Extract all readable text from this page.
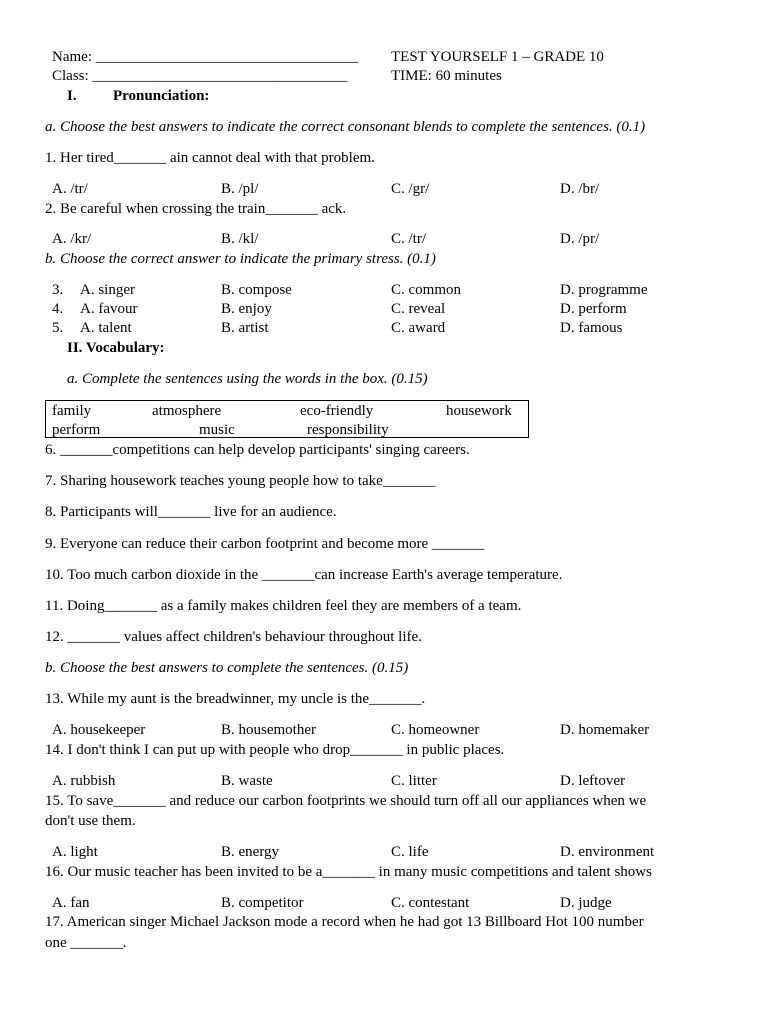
Name: ___________________________________
Class: __________________________________
TEST YOURSELF 1 – GRADE 10
TIME: 60 minutes
I. Pronunciation:
a. Choose the best answers to indicate the correct consonant blends to complete the sentences. (0.1)
1. Her tired_______ ain cannot deal with that problem.
A. /tr/	B. /pl/	C. /gr/	D. /br/
2. Be careful when crossing the train_______ ack.
A. /kr/	B. /kl/	C. /tr/	D. /pr/
b. Choose the correct answer to indicate the primary stress. (0.1)
3. A. singer	B. compose	C. common	D. programme
4. A. favour	B. enjoy	C. reveal	D. perform
5. A. talent	B. artist	C. award	D. famous
II. Vocabulary:
a. Complete the sentences using the words in the box. (0.15)
family	atmosphere	eco-friendly	housework
perform	music	responsibility
6. _______competitions can help develop participants' singing careers.
7. Sharing housework teaches young people how to take_______
8. Participants will_______ live for an audience.
9. Everyone can reduce their carbon footprint and become more _______
10. Too much carbon dioxide in the _______can increase Earth's average temperature.
11. Doing_______ as a family makes children feel they are members of a team.
12. _______ values affect children's behaviour throughout life.
b. Choose the best answers to complete the sentences. (0.15)
13. While my aunt is the breadwinner, my uncle is the_______.
A. housekeeper	B. housemother	C. homeowner	D. homemaker
14. I don't think I can put up with people who drop_______ in public places.
A. rubbish	B. waste	C. litter	D. leftover
15. To save_______ and reduce our carbon footprints we should turn off all our appliances when we
don't use them.
A. light	B. energy	C. life	D. environment
16. Our music teacher has been invited to be a_______ in many music competitions and talent shows
A. fan	B. competitor	C. contestant	D. judge
17. American singer Michael Jackson mode a record when he had got 13 Billboard Hot 100 number
one _______.
